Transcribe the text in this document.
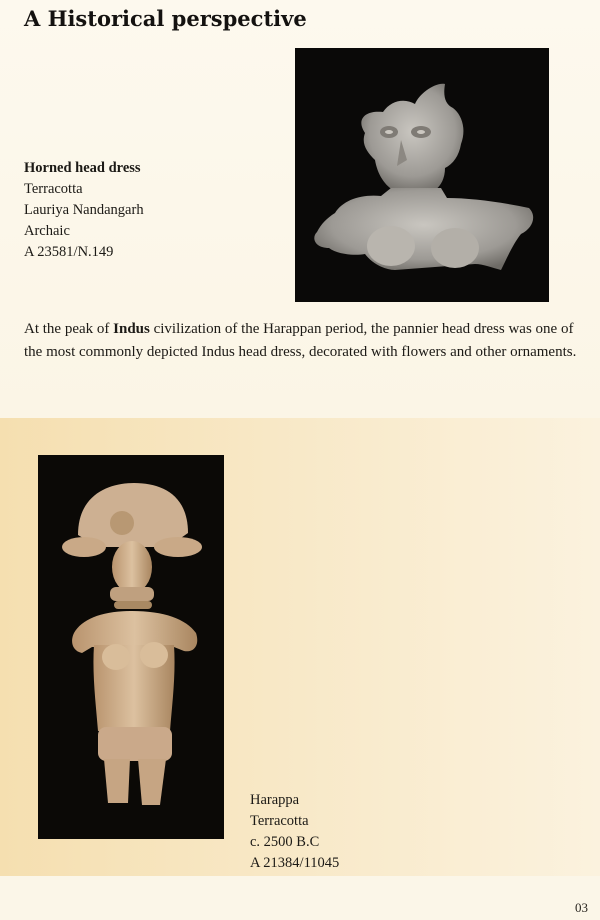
A Historical perspective
Horned head dress
Terracotta
Lauriya Nandangarh
Archaic
A 23581/N.149

At the peak of Indus civilization of the Harappan period, the pannier head dress was one of the most commonly depicted Indus head dress, decorated with flowers and other ornaments.

Harappa
Terracotta
c. 2500 B.C
A 21384/11045
03
